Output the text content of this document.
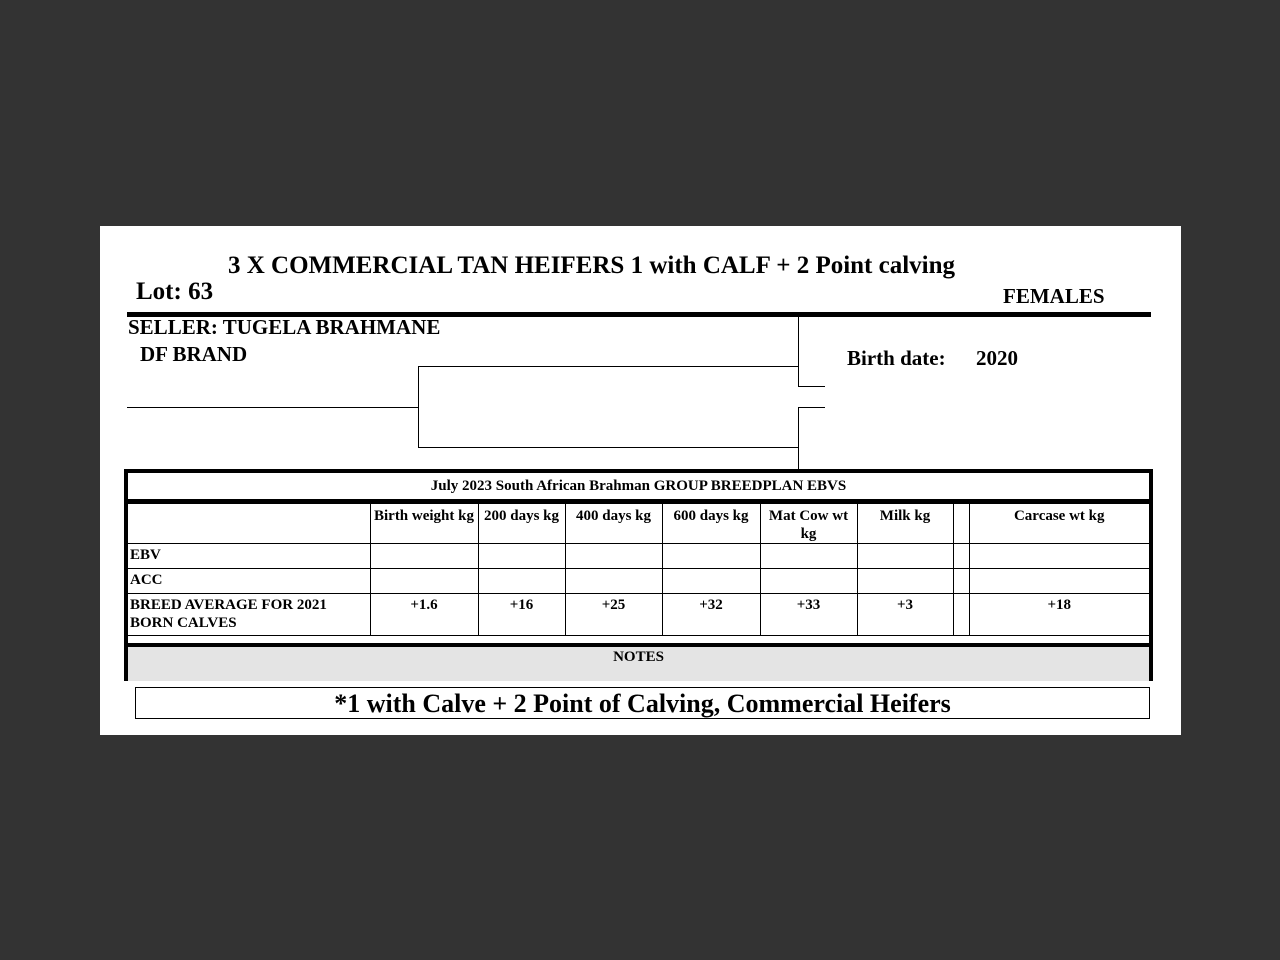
3 X COMMERCIAL TAN HEIFERS 1 with CALF + 2 Point calving
Lot: 63	FEMALES
SELLER: TUGELA BRAHMANE
DF BRAND	Birth date: 2020
July 2023 South African Brahman GROUP BREEDPLAN EBVS
	Birth weight kg	200 days kg	400 days kg	600 days kg	Mat Cow wt kg	Milk kg		Carcase wt kg
EBV								
ACC								
BREED AVERAGE FOR 2021 BORN CALVES	+1.6	+16	+25	+32	+33	+3		+18
NOTES
*1 with Calve + 2 Point of Calving, Commercial Heifers
